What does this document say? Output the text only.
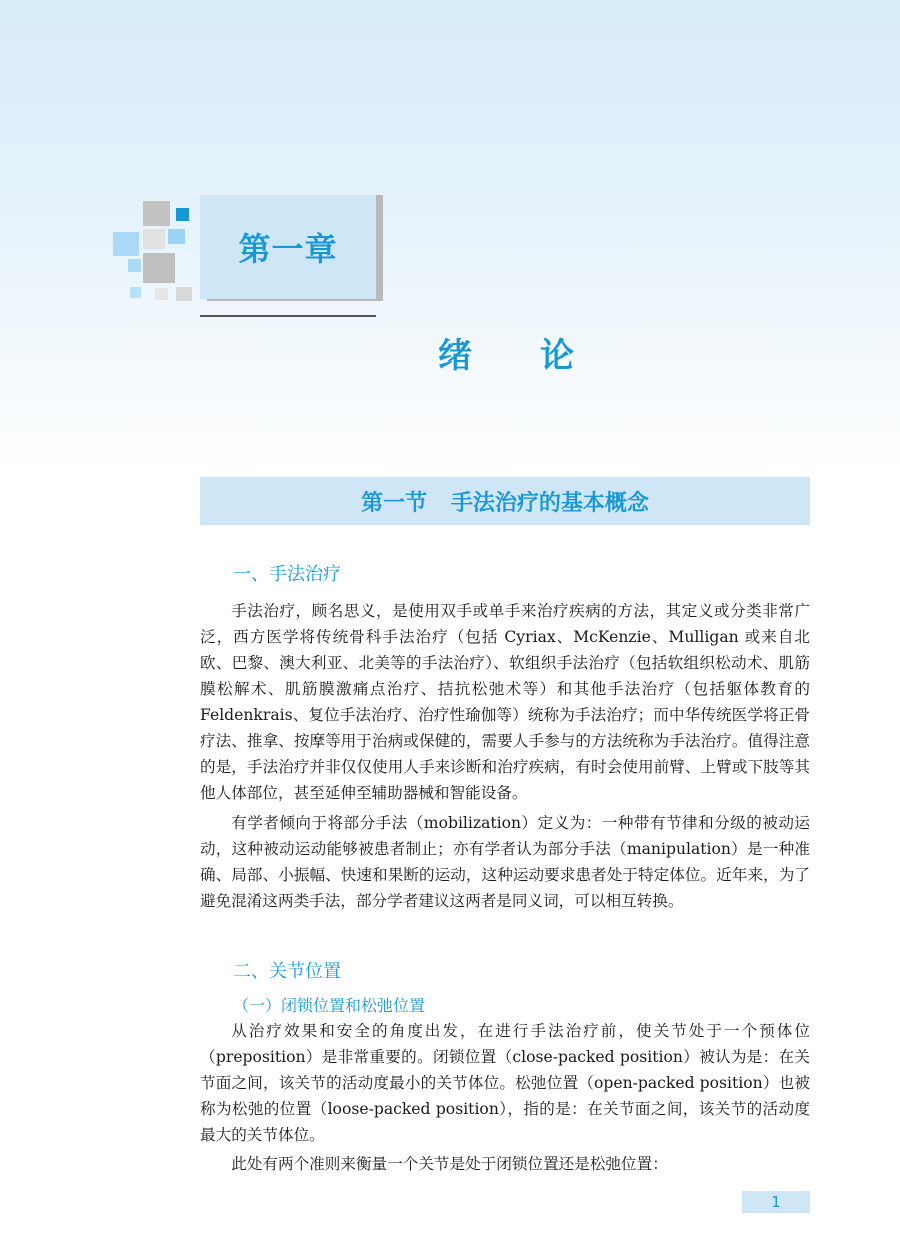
第一章
绪论
第一节 手法治疗的基本概念
一、手法治疗

手法治疗，顾名思义，是使用双手或单手来治疗疾病的方法，其定义或分类非常广泛，西方医学将传统骨科手法治疗（包括 Cyriax、McKenzie、Mulligan 或来自北欧、巴黎、澳大利亚、北美等的手法治疗）、软组织手法治疗（包括软组织松动术、肌筋膜松解术、肌筋膜激痛点治疗、拮抗松弛术等）和其他手法治疗（包括躯体教育的 Feldenkrais、复位手法治疗、治疗性瑜伽等）统称为手法治疗；而中华传统医学将正骨疗法、推拿、按摩等用于治病或保健的，需要人手参与的方法统称为手法治疗。值得注意的是，手法治疗并非仅仅使用人手来诊断和治疗疾病，有时会使用前臂、上臂或下肢等其他人体部位，甚至延伸至辅助器械和智能设备。

有学者倾向于将部分手法（mobilization）定义为：一种带有节律和分级的被动运动，这种被动运动能够被患者制止；亦有学者认为部分手法（manipulation）是一种准确、局部、小振幅、快速和果断的运动，这种运动要求患者处于特定体位。近年来，为了避免混淆这两类手法，部分学者建议这两者是同义词，可以相互转换。

二、关节位置
（一）闭锁位置和松弛位置

从治疗效果和安全的角度出发，在进行手法治疗前，使关节处于一个预体位（preposition）是非常重要的。闭锁位置（close-packed position）被认为是：在关节面之间，该关节的活动度最小的关节体位。松弛位置（open-packed position）也被称为松弛的位置（loose-packed position），指的是：在关节面之间，该关节的活动度最大的关节体位。

此处有两个准则来衡量一个关节是处于闭锁位置还是松弛位置：

1
